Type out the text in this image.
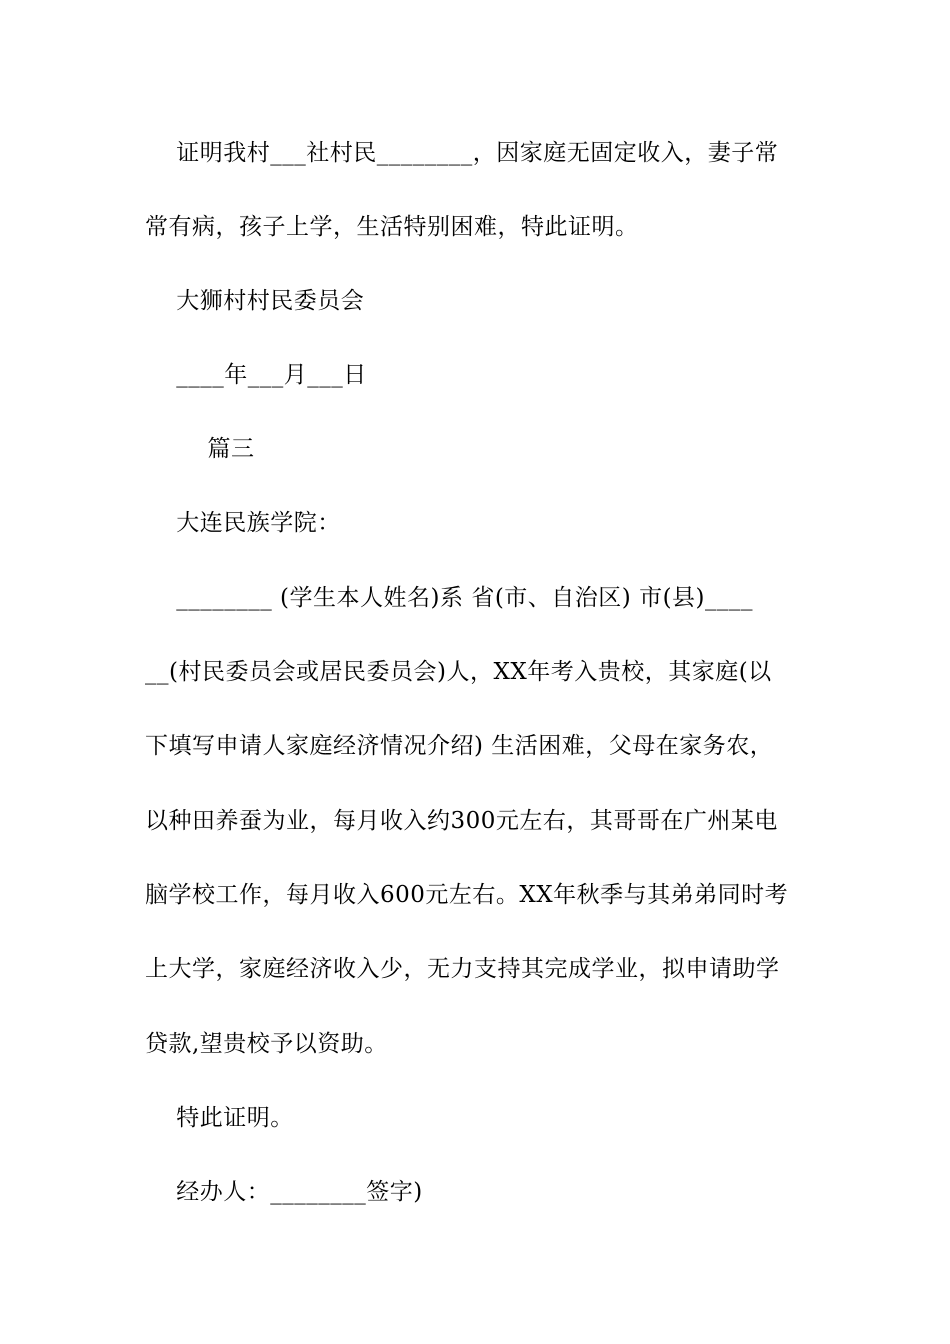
证明我村___社村民________，因家庭无固定收入，妻子常
常有病，孩子上学，生活特别困难，特此证明。
大狮村村民委员会
____年___月___日
篇三
大连民族学院：
________ (学生本人姓名)系 省(市、自治区) 市(县)____
__(村民委员会或居民委员会)人，XX年考入贵校，其家庭(以
下填写申请人家庭经济情况介绍) 生活困难，父母在家务农，
以种田养蚕为业，每月收入约300元左右，其哥哥在广州某电
脑学校工作，每月收入600元左右。XX年秋季与其弟弟同时考
上大学，家庭经济收入少，无力支持其完成学业，拟申请助学
贷款,望贵校予以资助。
特此证明。
经办人：________签字)
